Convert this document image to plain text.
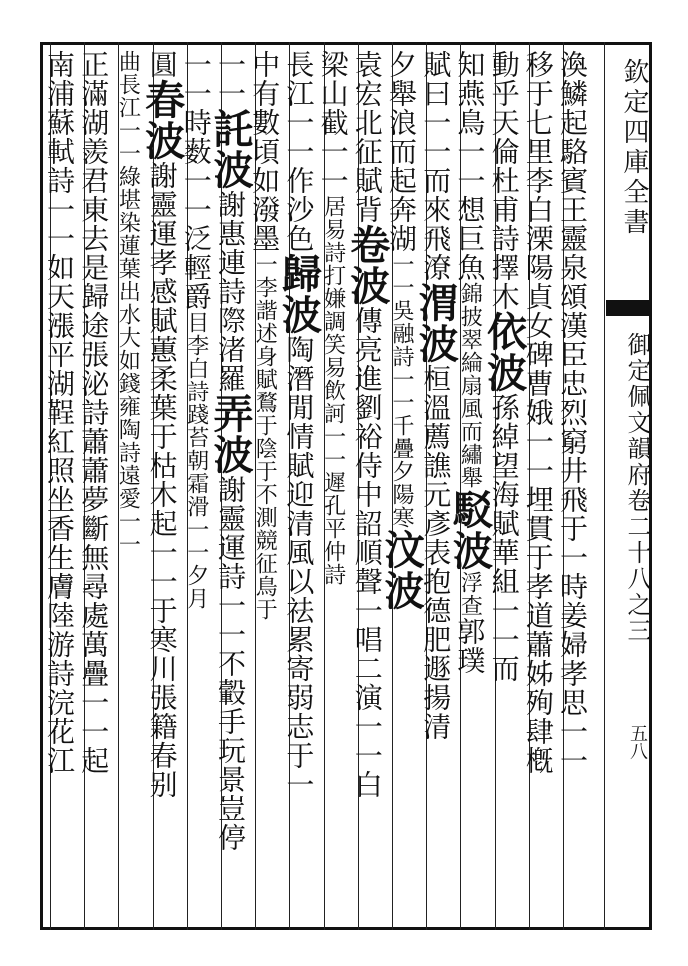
欽定四庫全書
御定佩文韻府卷二十八之三
五八
渙鱗起駱賓王靈泉頌漢臣忠烈窮井飛于一時姜婦孝思一一
移于七里李白溧陽貞女碑曹娥一一埋貫于孝道蕭姊殉肆槪
動乎天倫杜甫詩擇木依波孫綽望海賦華組一一而
知燕鳥一一想巨魚錦披翠綸扇風而繡舉駁波浮查郭璞
賦曰一一而來飛潦渭波桓溫薦譙元彥表抱德肥遯揚清
夕舉浪而起奔湖一一吳融詩一一千疊夕陽寒汶波
袁宏北征賦背卷波傳亮進劉裕侍中詔順聲一唱二演一一白
梁山截一一居易詩打嫌調笑易飲訶一一遲孔平仲詩
長江一一作沙色歸波陶潛閒情賦迎清風以祛累寄弱志于一
中有數頃如潑墨一李諧述身賦鶩于陰于不測競征鳥于
一一託波謝惠連詩際渚羅弄波謝靈運詩一一不轂手玩景豈停
一一時薮一一泛輕爵目李白詩踐苔朝霜滑一一夕月
圓春波謝靈運孝感賦蕙柔葉于枯木起一一于寒川張籍春别
曲長江一一綠堪染蓮葉出水大如錢雍陶詩遠愛一一
正滿湖羨君東去是歸途張泌詩蕭蕭夢斷無尋處萬疊一一起
南浦蘇軾詩一一如天漲平湖鞓紅照坐香生膚陸游詩浣花江
